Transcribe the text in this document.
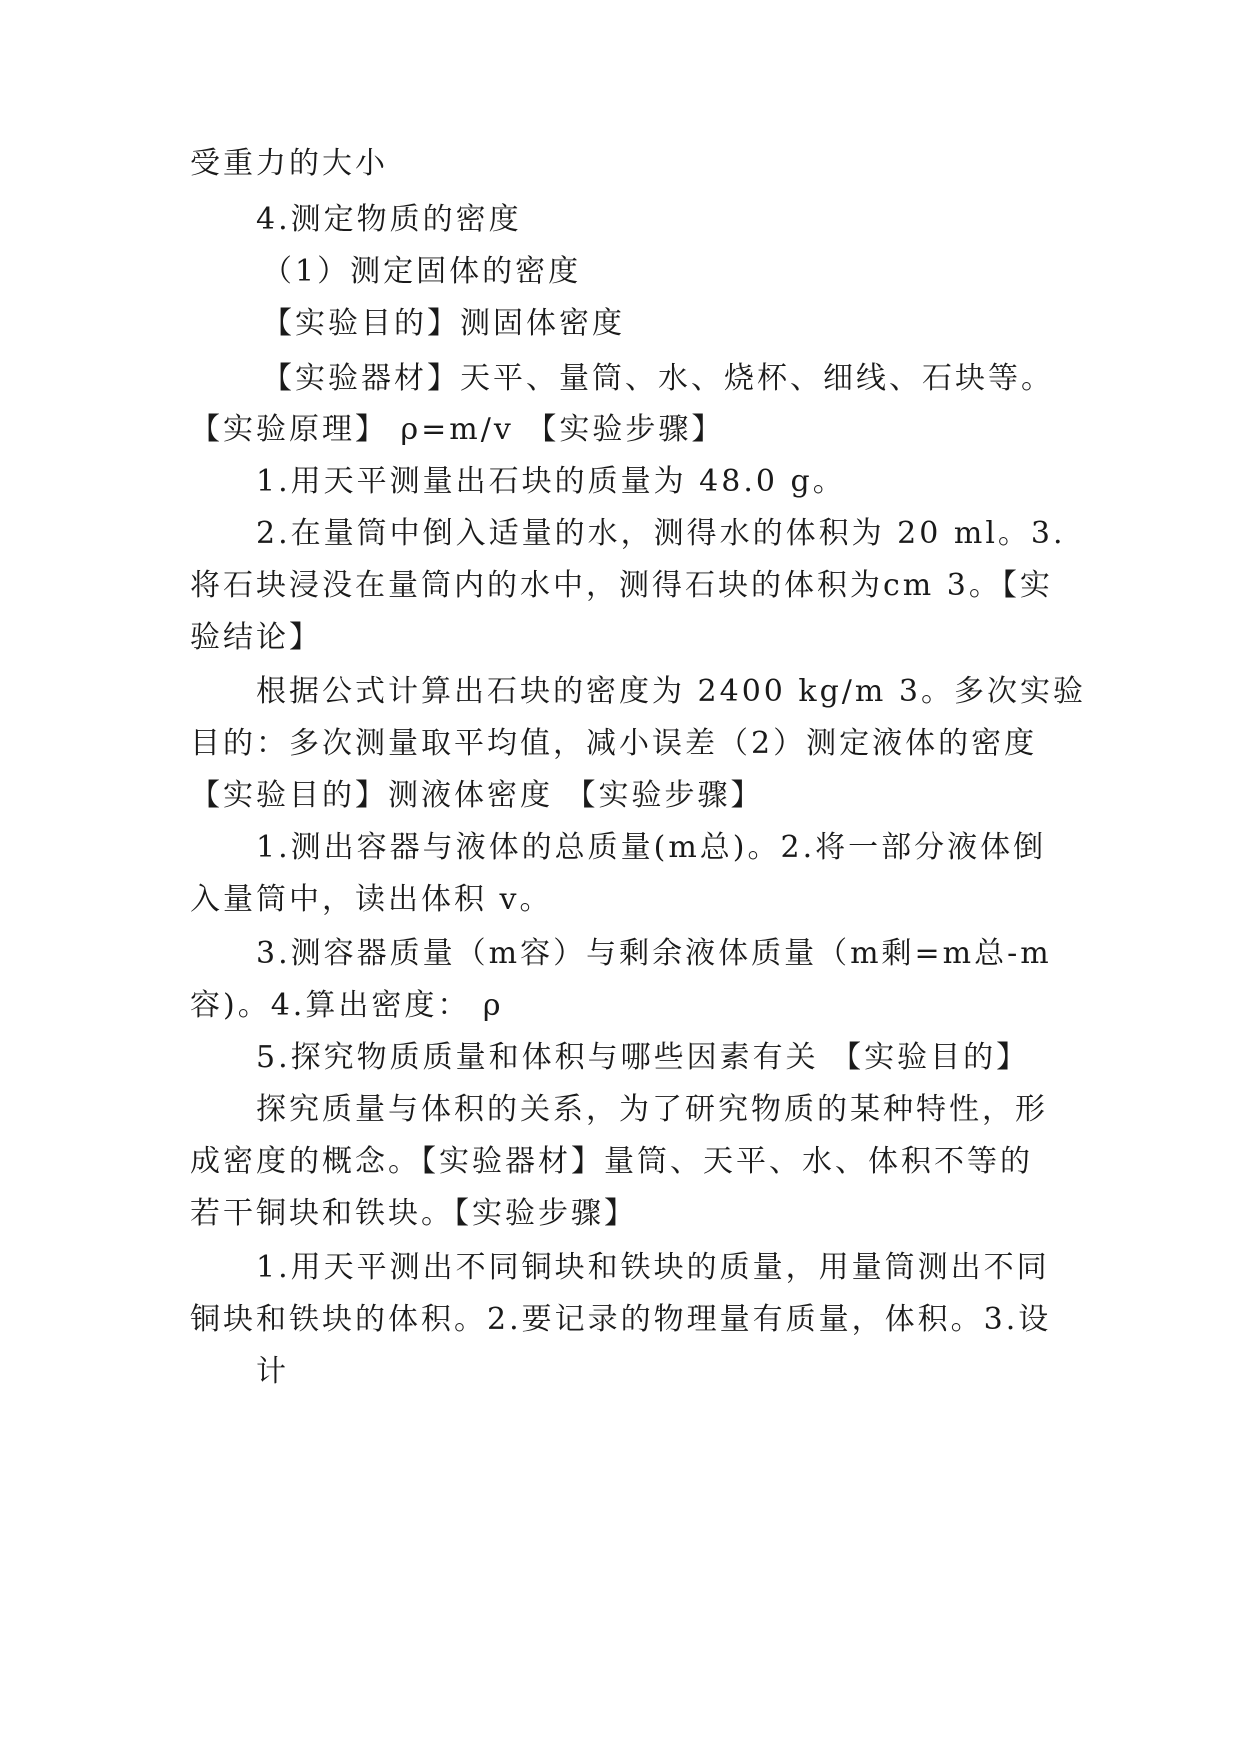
受重力的大小
4.测定物质的密度
（1）测定固体的密度
【实验目的】测固体密度
【实验器材】天平、量筒、水、烧杯、细线、石块等。
【实验原理】 ρ=m/v 【实验步骤】
1.用天平测量出石块的质量为 48.0 g。
2.在量筒中倒入适量的水，测得水的体积为 20 ml。3.
将石块浸没在量筒内的水中，测得石块的体积为cm 3。【实
验结论】
根据公式计算出石块的密度为 2400 kg/m 3。多次实验
目的：多次测量取平均值，减小误差（2）测定液体的密度
【实验目的】测液体密度 【实验步骤】
1.测出容器与液体的总质量(m总)。2.将一部分液体倒
入量筒中，读出体积 v。
3.测容器质量（m容）与剩余液体质量（m剩=m总-m
容)。4.算出密度： ρ
5.探究物质质量和体积与哪些因素有关 【实验目的】
探究质量与体积的关系，为了研究物质的某种特性，形
成密度的概念。【实验器材】量筒、天平、水、体积不等的
若干铜块和铁块。【实验步骤】
1.用天平测出不同铜块和铁块的质量，用量筒测出不同
铜块和铁块的体积。2.要记录的物理量有质量，体积。3.设
计
